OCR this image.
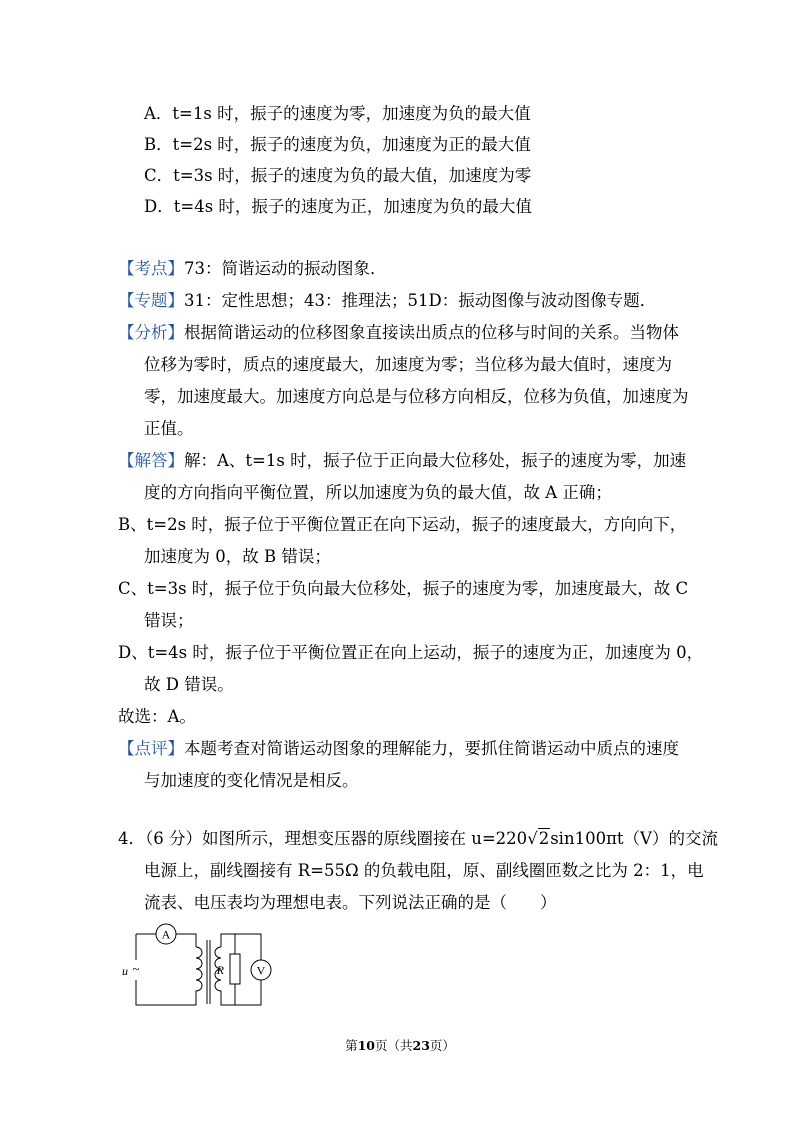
A．t=1s 时，振子的速度为零，加速度为负的最大值
B．t=2s 时，振子的速度为负，加速度为正的最大值
C．t=3s 时，振子的速度为负的最大值，加速度为零
D．t=4s 时，振子的速度为正，加速度为负的最大值
【考点】73：简谐运动的振动图象．
【专题】31：定性思想；43：推理法；51D：振动图像与波动图像专题．
【分析】根据简谐运动的位移图象直接读出质点的位移与时间的关系。当物体
位移为零时，质点的速度最大，加速度为零；当位移为最大值时，速度为
零，加速度最大。加速度方向总是与位移方向相反，位移为负值，加速度为
正值。
【解答】解：A、t=1s 时，振子位于正向最大位移处，振子的速度为零，加速
度的方向指向平衡位置，所以加速度为负的最大值，故 A 正确；
B、t=2s 时，振子位于平衡位置正在向下运动，振子的速度最大，方向向下，
加速度为 0，故 B 错误；
C、t=3s 时，振子位于负向最大位移处，振子的速度为零，加速度最大，故 C
错误；
D、t=4s 时，振子位于平衡位置正在向上运动，振子的速度为正，加速度为 0，
故 D 错误。
故选：A。
【点评】本题考查对简谐运动图象的理解能力，要抓住简谐运动中质点的速度
与加速度的变化情况是相反。
4．（6 分）如图所示，理想变压器的原线圈接在 u=220√2sin100πt（V）的交流
电源上，副线圈接有 R=55Ω 的负载电阻，原、副线圈匝数之比为 2：1，电
流表、电压表均为理想电表。下列说法正确的是（　　）
A
V
R
u ~
第10页（共23页）
